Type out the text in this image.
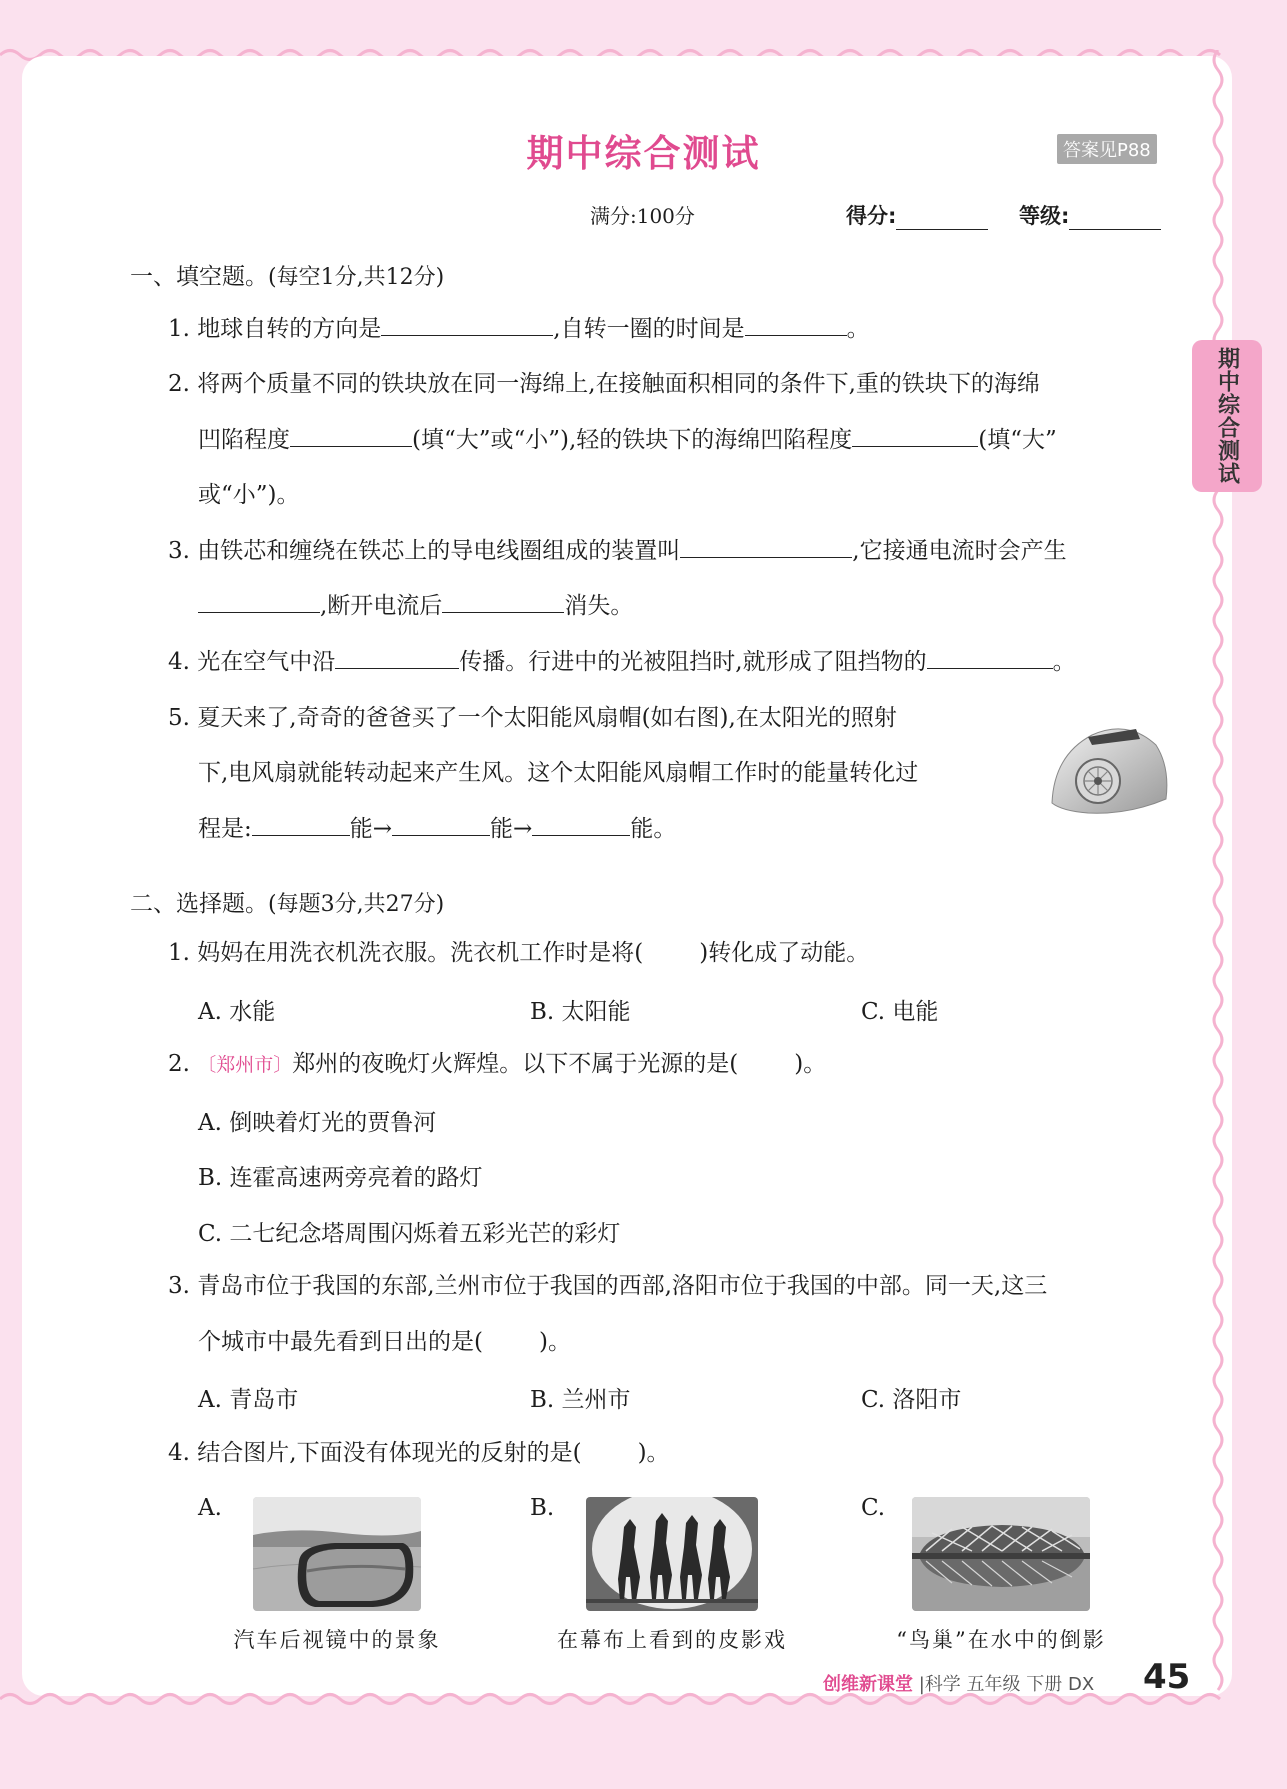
期中综合测试	答案见P88
满分:100分	得分:	等级:
期中综合测试
一、填空题。(每空1分,共12分)
1. 地球自转的方向是	,自转一圈的时间是	。
2. 将两个质量不同的铁块放在同一海绵上,在接触面积相同的条件下,重的铁块下的海绵
凹陷程度	(填“大”或“小”),轻的铁块下的海绵凹陷程度	(填“大”
或“小”)。
3. 由铁芯和缠绕在铁芯上的导电线圈组成的装置叫	,它接通电流时会产生
,断开电流后	消失。
4. 光在空气中沿	传播。行进中的光被阻挡时,就形成了阻挡物的	。
5. 夏天来了,奇奇的爸爸买了一个太阳能风扇帽(如右图),在太阳光的照射
下,电风扇就能转动起来产生风。这个太阳能风扇帽工作时的能量转化过
程是:	能→	能→	能。
二、选择题。(每题3分,共27分)
1. 妈妈在用洗衣机洗衣服。洗衣机工作时是将( )转化成了动能。
A. 水能	B. 太阳能	C. 电能
2. 〔郑州市〕郑州的夜晚灯火辉煌。以下不属于光源的是( )。
A. 倒映着灯光的贾鲁河
B. 连霍高速两旁亮着的路灯
C. 二七纪念塔周围闪烁着五彩光芒的彩灯
3. 青岛市位于我国的东部,兰州市位于我国的西部,洛阳市位于我国的中部。同一天,这三
个城市中最先看到日出的是( )。
A. 青岛市	B. 兰州市	C. 洛阳市
4. 结合图片,下面没有体现光的反射的是( )。
A.	B.	C.
汽车后视镜中的景象	在幕布上看到的皮影戏	“鸟巢”在水中的倒影
创维新课堂 |科学 五年级 下册 DX 45
